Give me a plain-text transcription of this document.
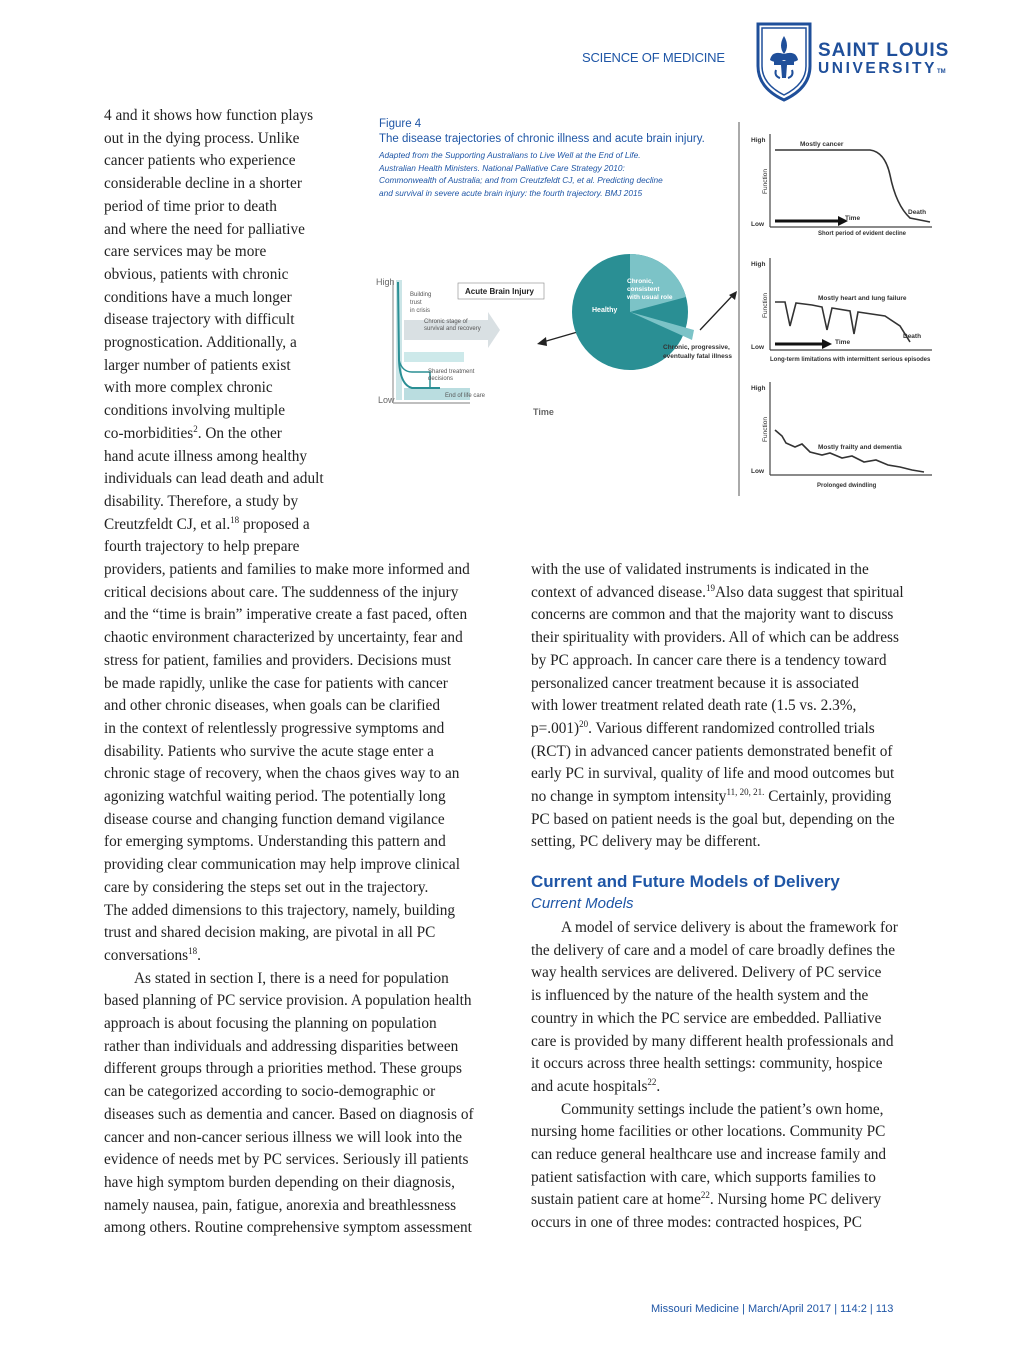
SCIENCE OF MEDICINE	SAINT LOUIS
UNIVERSITYTM
4 and it shows how function plays
out in the dying process. Unlike
cancer patients who experience
considerable decline in a shorter
period of time prior to death
and where the need for palliative
care services may be more
obvious, patients with chronic
conditions have a much longer
disease trajectory with difficult
prognostication. Additionally, a
larger number of patients exist
with more complex chronic
conditions involving multiple
co-morbidities$^2$. On the other
hand acute illness among healthy
individuals can lead death and adult
disability. Therefore, a study by
Creutzfeldt CJ, et al.$^{18}$ proposed a
fourth trajectory to help prepare
providers, patients and families to make more informed and
critical decisions about care. The suddenness of the injury
and the “time is brain” imperative create a fast paced, often
chaotic environment characterized by uncertainty, fear and
stress for patient, families and providers. Decisions must
be made rapidly, unlike the case for patients with cancer
and other chronic diseases, when goals can be clarified
in the context of relentlessly progressive symptoms and
disability. Patients who survive the acute stage enter a
chronic stage of recovery, when the chaos gives way to an
agonizing watchful waiting period. The potentially long
disease course and changing function demand vigilance
for emerging symptoms. Understanding this pattern and
providing clear communication may help improve clinical
care by considering the steps set out in the trajectory.
The added dimensions to this trajectory, namely, building
trust and shared decision making, are pivotal in all PC
conversations$^{18}$.
As stated in section I, there is a need for population
based planning of PC service provision. A population health
approach is about focusing the planning on population
rather than individuals and addressing disparities between
different groups through a priorities method. These groups
can be categorized according to socio-demographic or
diseases such as dementia and cancer. Based on diagnosis of
cancer and non-cancer serious illness we will look into the
evidence of needs met by PC services. Seriously ill patients
have high symptom burden depending on their diagnosis,
namely nausea, pain, fatigue, anorexia and breathlessness
among others. Routine comprehensive symptom assessment
with the use of validated instruments is indicated in the
context of advanced disease.$^{19}$Also data suggest that spiritual
concerns are common and that the majority want to discuss
their spirituality with providers. All of which can be address
by PC approach. In cancer care there is a tendency toward
personalized cancer treatment because it is associated
with lower treatment related death rate (1.5 vs. 2.3%,
p=.001)$^{20}$. Various different randomized controlled trials
(RCT) in advanced cancer patients demonstrated benefit of
early PC in survival, quality of life and mood outcomes but
no change in symptom intensity$^{11, 20, 21.}$ Certainly, providing
PC based on patient needs is the goal but, depending on the
setting, PC delivery may be different.
Current and Future Models of Delivery
Current Models
A model of service delivery is about the framework for
the delivery of care and a model of care broadly defines the
way health services are delivered. Delivery of PC service
is influenced by the nature of the health system and the
country in which the PC service are embedded. Palliative
care is provided by many different health professionals and
it occurs across three health settings: community, hospice
and acute hospitals$^{22}$.
Community settings include the patient’s own home,
nursing home facilities or other locations. Community PC
can reduce general healthcare use and increase family and
patient satisfaction with care, which supports families to
sustain patient care at home$^{22}$. Nursing home PC delivery
occurs in one of three modes: contracted hospices, PC
Figure 4
The disease trajectories of chronic illness and acute brain injury.
Adapted from the Supporting Australians to Live Well at the End of Life.
Australian Health Ministers. National Palliative Care Strategy 2010:
Commonwealth of Australia; and from Creutzfeldt CJ, et al. Predicting decline
and survival in severe acute brain injury: the fourth trajectory. BMJ 2015
High
Low
Time
Building
trust
in crisis
Chronic stage of
survival and recovery
Shared treatment
decisions
End of life care
Acute Brain Injury
Healthy
Chronic,
consistent
with usual role
Chronic, progressive,
eventually fatal illness
High
Low
Function
Mostly cancer
Time
Death
Short period of evident decline
High
Low
Function	Mostly heart and lung failure
Time
Death
Long-term limitations with intermittent serious episodes
High
Low
Function
Mostly frailty and dementia
Prolonged dwindling
Missouri Medicine | March/April 2017 | 114:2 | 113
